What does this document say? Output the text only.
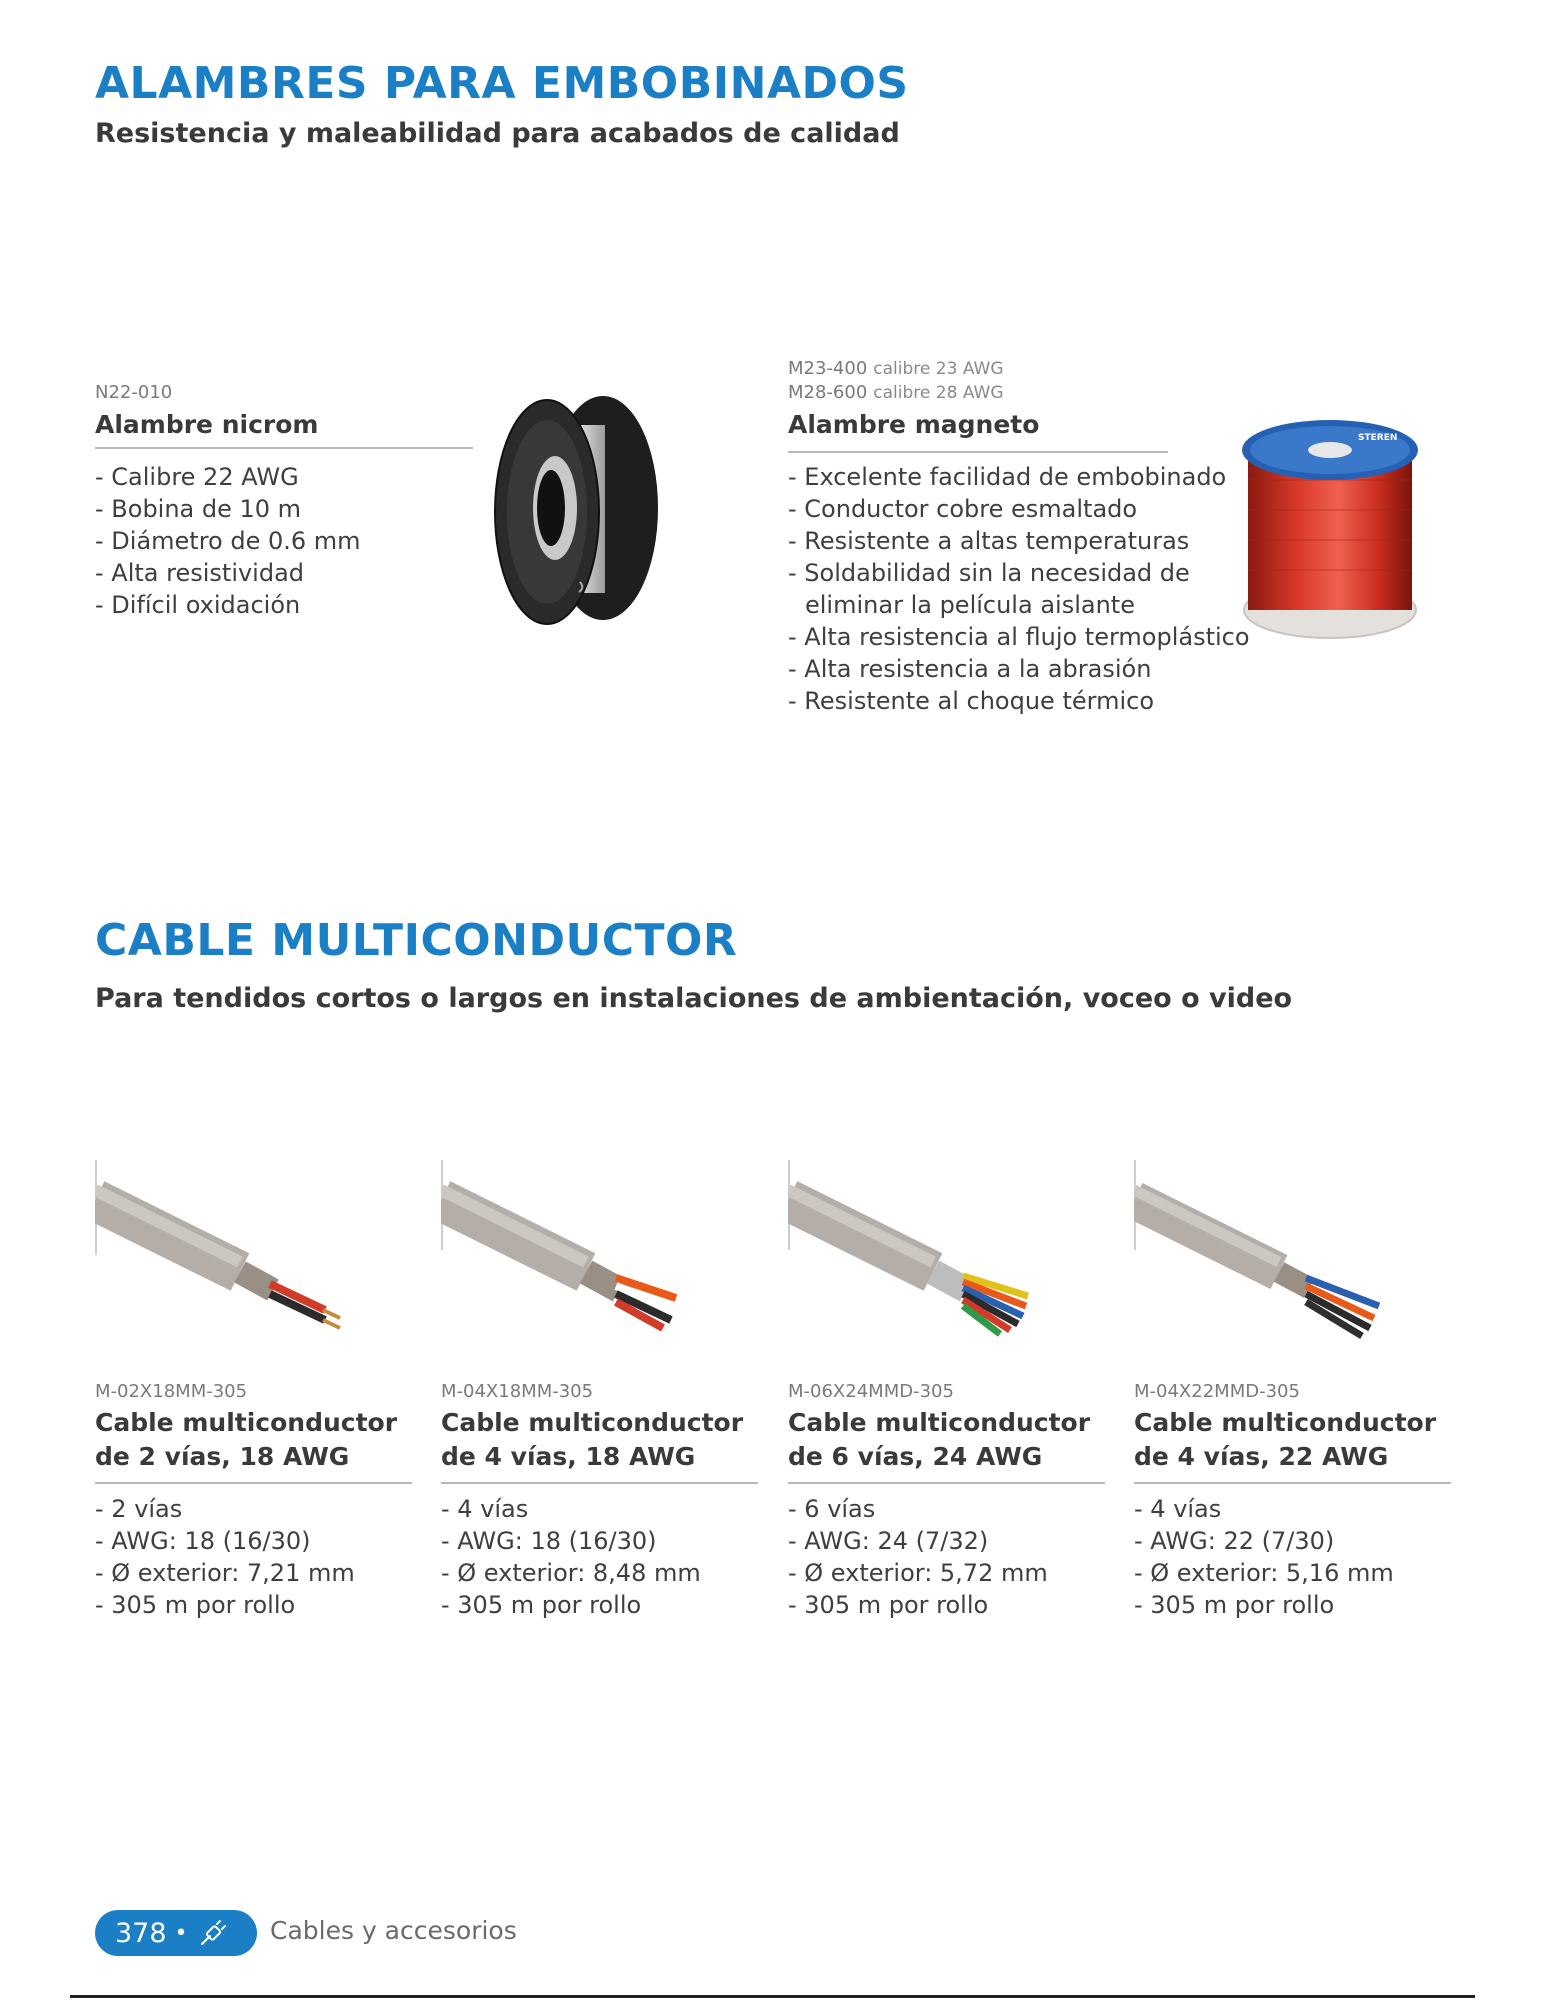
ALAMBRES PARA EMBOBINADOS
Resistencia y maleabilidad para acabados de calidad
N22-010
Alambre nicrom
- Calibre 22 AWG
- Bobina de 10 m
- Diámetro de 0.6 mm
- Alta resistividad
- Difícil oxidación
M23-400 calibre 23 AWG
M28-600 calibre 28 AWG
Alambre magneto
- Excelente facilidad de embobinado
- Conductor cobre esmaltado
- Resistente a altas temperaturas
- Soldabilidad sin la necesidad de
eliminar la película aislante
- Alta resistencia al flujo termoplástico
- Alta resistencia a la abrasión
- Resistente al choque térmico
STEREN
CABLE MULTICONDUCTOR
Para tendidos cortos o largos en instalaciones de ambientación, voceo o video
M-02X18MM-305
Cable multiconductor
de 2 vías, 18 AWG
- 2 vías
- AWG: 18 (16/30)
- Ø exterior: 7,21 mm
- 305 m por rollo
M-04X18MM-305
Cable multiconductor
de 4 vías, 18 AWG
- 4 vías
- AWG: 18 (16/30)
- Ø exterior: 8,48 mm
- 305 m por rollo
M-06X24MMD-305
Cable multiconductor
de 6 vías, 24 AWG
- 6 vías
- AWG: 24 (7/32)
- Ø exterior: 5,72 mm
- 305 m por rollo
M-04X22MMD-305
Cable multiconductor
de 4 vías, 22 AWG
- 4 vías
- AWG: 22 (7/30)
- Ø exterior: 5,16 mm
- 305 m por rollo
378 •	Cables y accesorios
